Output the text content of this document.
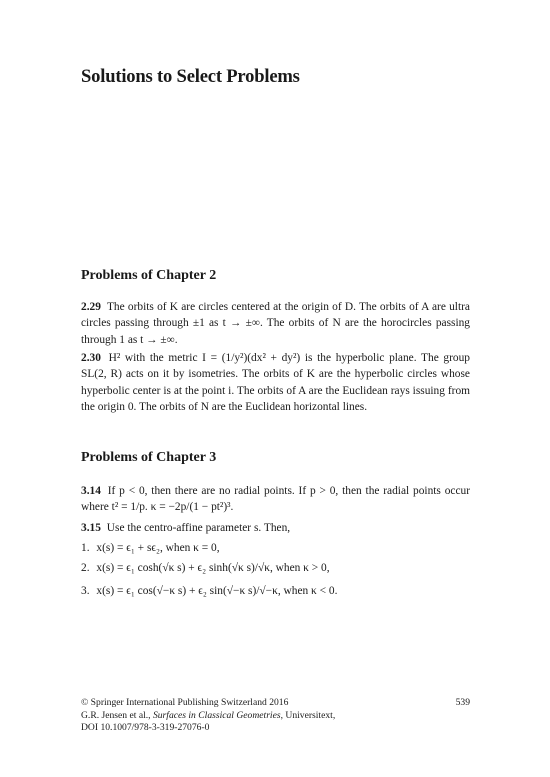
Solutions to Select Problems
Problems of Chapter 2

2.29 The orbits of K are circles centered at the origin of D. The orbits of A are ultra circles passing through ±1 as t → ±∞. The orbits of N are the horocircles passing through 1 as t → ±∞.

2.30 H² with the metric I = (1/y²)(dx² + dy²) is the hyperbolic plane. The group SL(2, R) acts on it by isometries. The orbits of K are the hyperbolic circles whose hyperbolic center is at the point i. The orbits of A are the Euclidean rays issuing from the origin 0. The orbits of N are the Euclidean horizontal lines.

Problems of Chapter 3

3.14 If p < 0, then there are no radial points. If p > 0, then the radial points occur where t² = 1/p. κ = −2p/(1 − pt²)³.

3.15 Use the centro-affine parameter s. Then,

1. x(s) = ϵ₁ + sϵ₂, when κ = 0,

2. x(s) = ϵ₁ cosh(√κ s) + ϵ₂ sinh(√κ s)/√κ, when κ > 0,

3. x(s) = ϵ₁ cos(√−κ s) + ϵ₂ sin(√−κ s)/√−κ, when κ < 0.

© Springer International Publishing Switzerland 2016	539
G.R. Jensen et al., Surfaces in Classical Geometries, Universitext,
DOI 10.1007/978-3-319-27076-0
